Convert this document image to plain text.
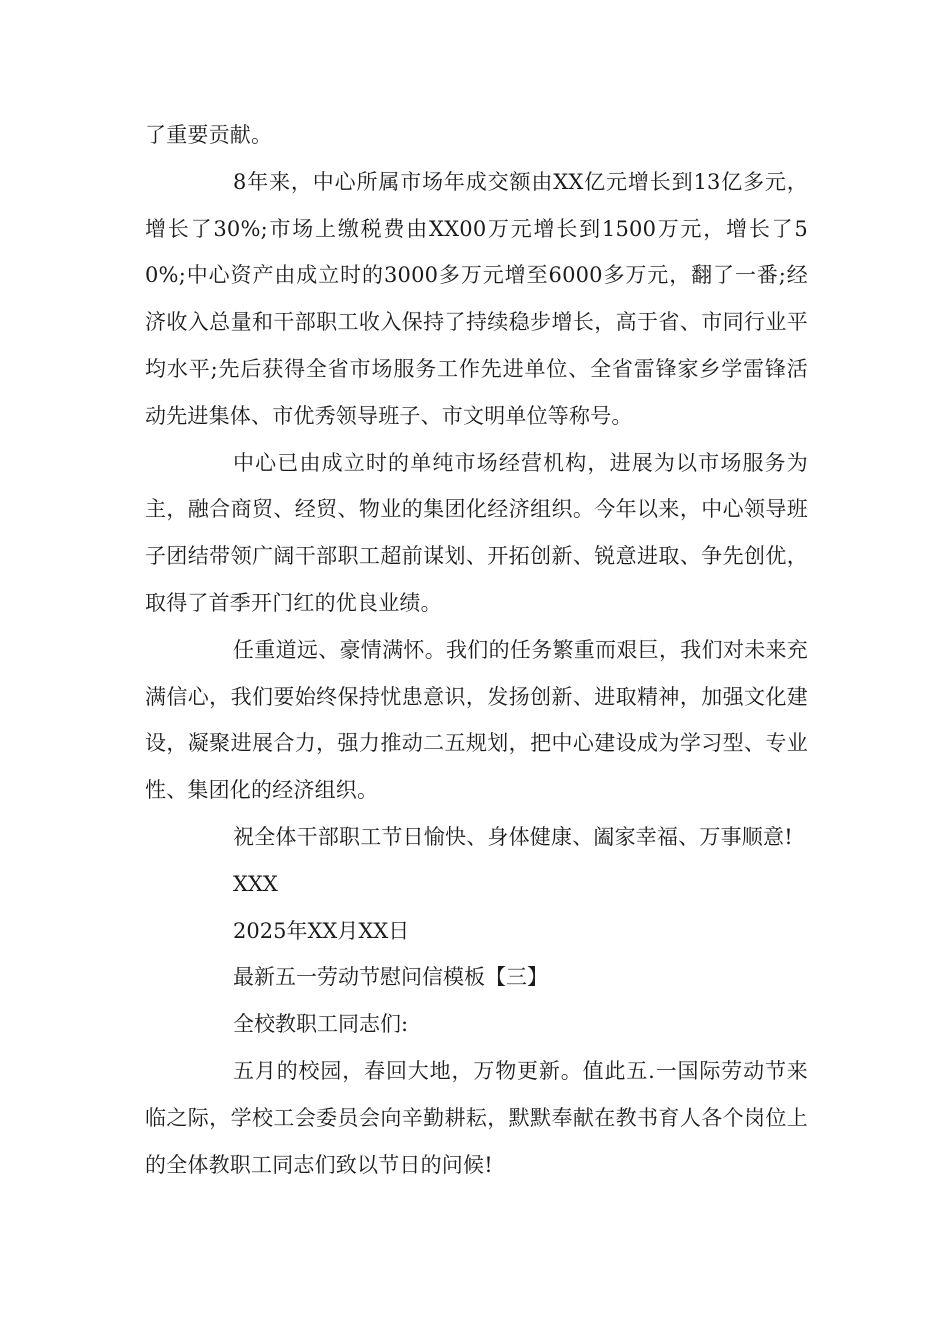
了重要贡献。

8年来，中心所属市场年成交额由XX亿元增长到13亿多元，增长了30%;市场上缴税费由XX00万元增长到1500万元，增长了50%;中心资产由成立时的3000多万元增至6000多万元，翻了一番;经济收入总量和干部职工收入保持了持续稳步增长，高于省、市同行业平均水平;先后获得全省市场服务工作先进单位、全省雷锋家乡学雷锋活动先进集体、市优秀领导班子、市文明单位等称号。

中心已由成立时的单纯市场经营机构，进展为以市场服务为主，融合商贸、经贸、物业的集团化经济组织。今年以来，中心领导班子团结带领广阔干部职工超前谋划、开拓创新、锐意进取、争先创优，取得了首季开门红的优良业绩。

任重道远、豪情满怀。我们的任务繁重而艰巨，我们对未来充满信心，我们要始终保持忧患意识，发扬创新、进取精神，加强文化建设，凝聚进展合力，强力推动二五规划，把中心建设成为学习型、专业性、集团化的经济组织。

祝全体干部职工节日愉快、身体健康、阖家幸福、万事顺意!

XXX

2025年XX月XX日

最新五一劳动节慰问信模板【三】

全校教职工同志们:

五月的校园，春回大地，万物更新。值此五.一国际劳动节来临之际，学校工会委员会向辛勤耕耘，默默奉献在教书育人各个岗位上的全体教职工同志们致以节日的问候!
